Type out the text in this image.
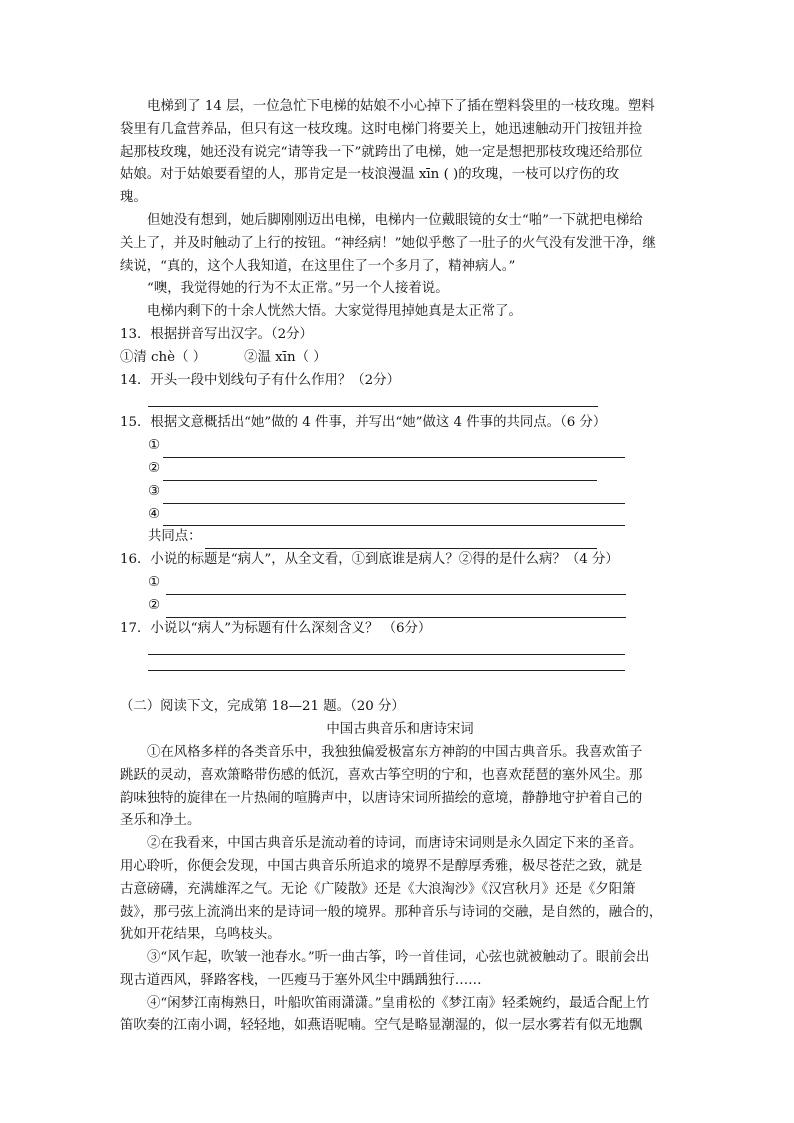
电梯到了 14 层，一位急忙下电梯的姑娘不小心掉下了插在塑料袋里的一枝玫瑰。塑料
袋里有几盒营养品，但只有这一枝玫瑰。这时电梯门将要关上，她迅速触动开门按钮并捡
起那枝玫瑰，她还没有说完“请等我一下”就跨出了电梯，她一定是想把那枝玫瑰还给那位
姑娘。对于姑娘要看望的人，那肯定是一枝浪漫温 xīn ( )的玫瑰，一枝可以疗伤的玫
瑰。
但她没有想到，她后脚刚刚迈出电梯，电梯内一位戴眼镜的女士“啪”一下就把电梯给
关上了，并及时触动了上行的按钮。“神经病！”她似乎憋了一肚子的火气没有发泄干净，继
续说，“真的，这个人我知道，在这里住了一个多月了，精神病人。”
“噢，我觉得她的行为不太正常。”另一个人接着说。
电梯内剩下的十余人恍然大悟。大家觉得甩掉她真是太正常了。
13．根据拼音写出汉字。（2分）
①清 chè（ ）	②温 xīn（ ）
14．开头一段中划线句子有什么作用？（2分）
15．根据文意概括出“她”做的 4 件事，并写出“她”做这 4 件事的共同点。（6 分）
①
②
③
④
共同点：
16．小说的标题是“病人”，从全文看，①到底谁是病人？②得的是什么病？（4 分）
①
②
17．小说以“病人”为标题有什么深刻含义？ （6分）
（二）阅读下文，完成第 18—21 题。（20 分）
中国古典音乐和唐诗宋词
①在风格多样的各类音乐中，我独独偏爱极富东方神韵的中国古典音乐。我喜欢笛子
跳跃的灵动，喜欢箫略带伤感的低沉，喜欢古筝空明的宁和，也喜欢琵琶的塞外风尘。那
韵味独特的旋律在一片热闹的喧腾声中，以唐诗宋词所描绘的意境，静静地守护着自己的
圣乐和净土。
②在我看来，中国古典音乐是流动着的诗词，而唐诗宋词则是永久固定下来的圣音。
用心聆听，你便会发现，中国古典音乐所追求的境界不是醇厚秀雅，极尽苍茫之致，就是
古意磅礴，充满雄浑之气。无论《广陵散》还是《大浪淘沙》《汉宫秋月》还是《夕阳箫
鼓》，那弓弦上流淌出来的是诗词一般的境界。那种音乐与诗词的交融，是自然的，融合的，
犹如开花结果，乌鸣枝头。
③“风乍起，吹皱一池春水。”听一曲古筝，吟一首佳词，心弦也就被触动了。眼前会出
现古道西风，驿路客栈，一匹瘦马于塞外风尘中踽踽独行……
④“闲梦江南梅熟日，叶船吹笛雨潇潇。”皇甫松的《梦江南》轻柔婉约，最适合配上竹
笛吹奏的江南小调，轻轻地，如燕语呢喃。空气是略显潮湿的，似一层水雾若有似无地飘
